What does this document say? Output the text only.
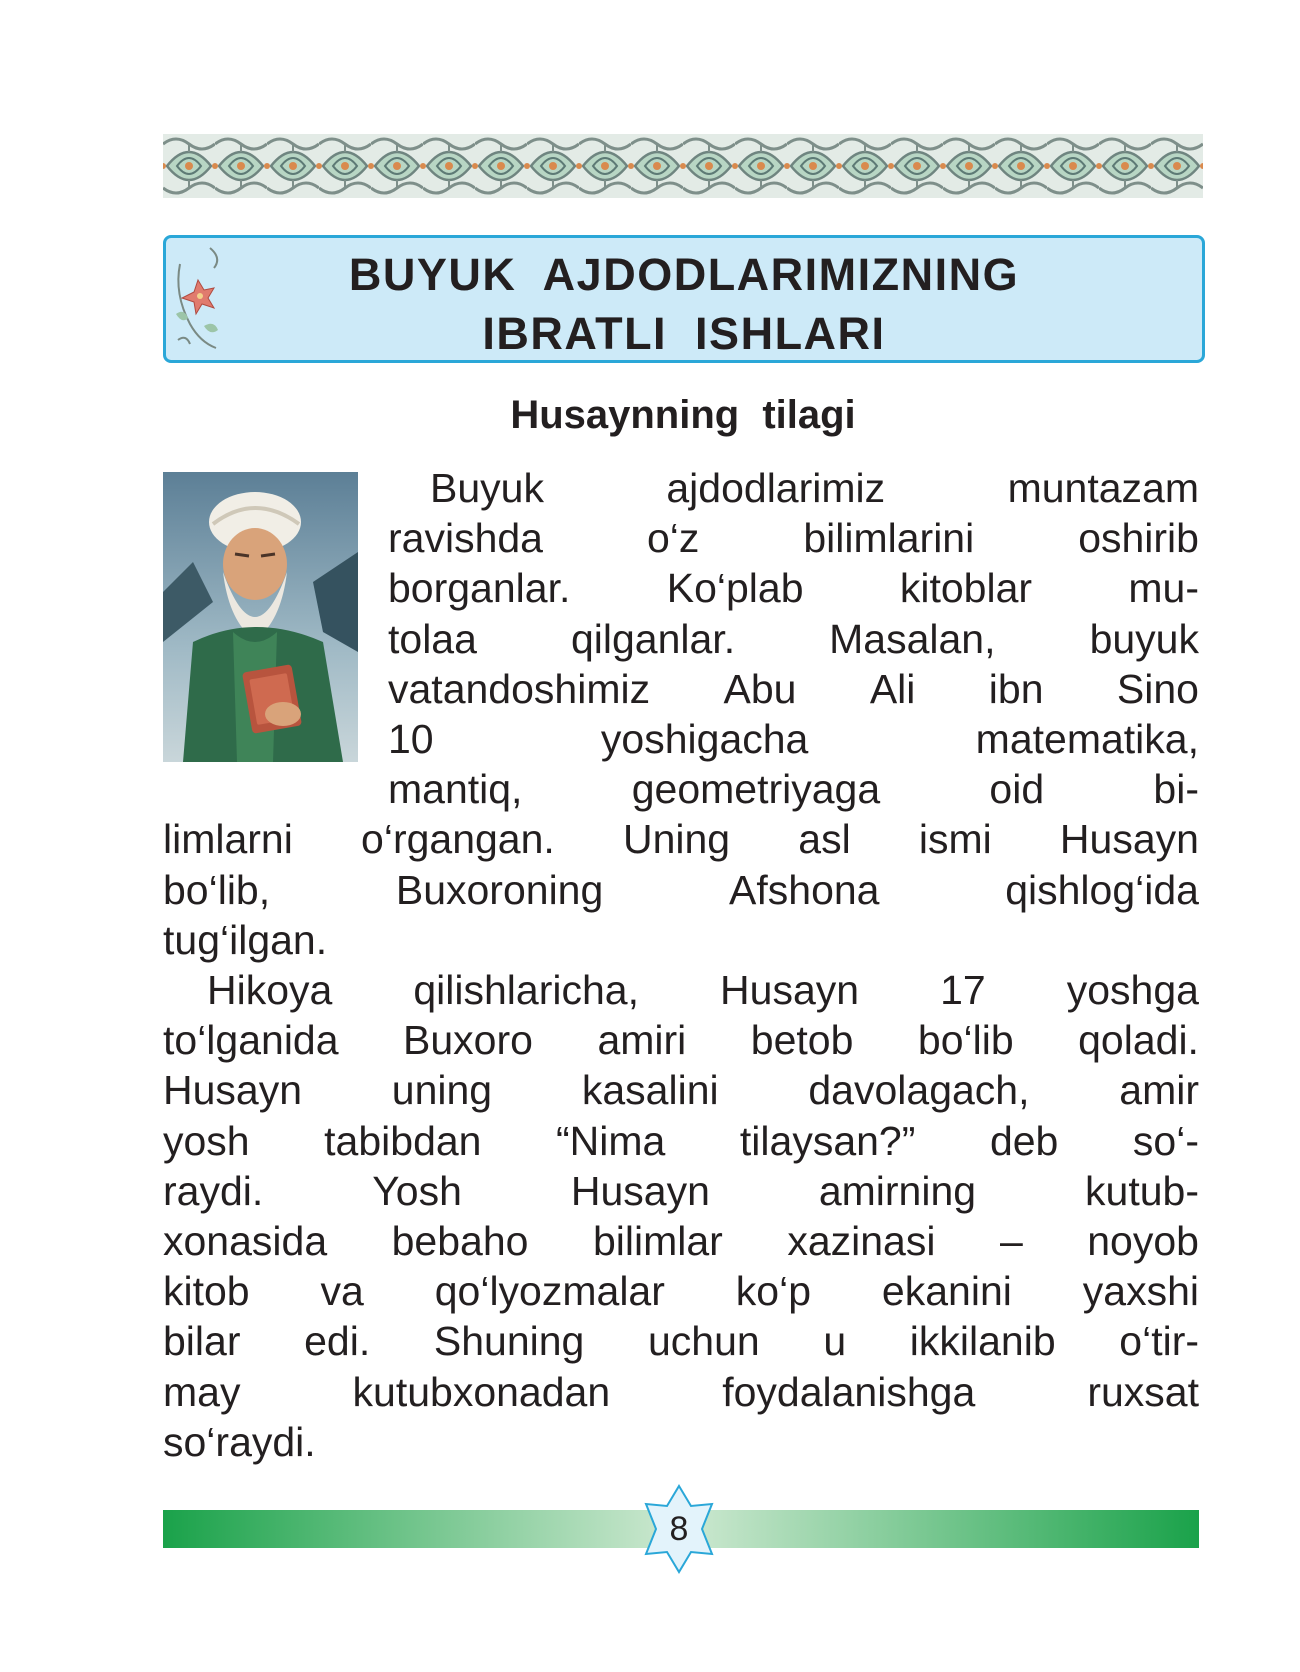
BUYUK AJDODLARIMIZNING
IBRATLI ISHLARI
Husaynning tilagi
Buyuk	ajdodlarimiz	muntazam
ravishda	o‘z	bilimlarini	oshirib
borganlar. Ko‘plab kitoblar mu-
tolaa qilganlar. Masalan, buyuk
vatandoshimiz Abu Ali ibn Sino
10	yoshigacha	matematika,
mantiq,	geometriyaga	oid	bi-
limlarni o‘rgangan. Uning asl ismi Husayn
bo‘lib,	Buxoroning	Afshona	qishlog‘ida
tug‘ilgan.
Hikoya qilishlaricha, Husayn 17 yoshga
to‘lganida Buxoro amiri betob bo‘lib qoladi.
Husayn uning kasalini davolagach, amir
yosh tabibdan “Nima tilaysan?” deb so‘-
raydi.	Yosh	Husayn	amirning	kutub-
xonasida bebaho bilimlar xazinasi – noyob
kitob va qo‘lyozmalar ko‘p ekanini yaxshi
bilar edi. Shuning uchun u ikkilanib o‘tir-
may	kutubxonadan	foydalanishga	ruxsat
so‘raydi.
8
